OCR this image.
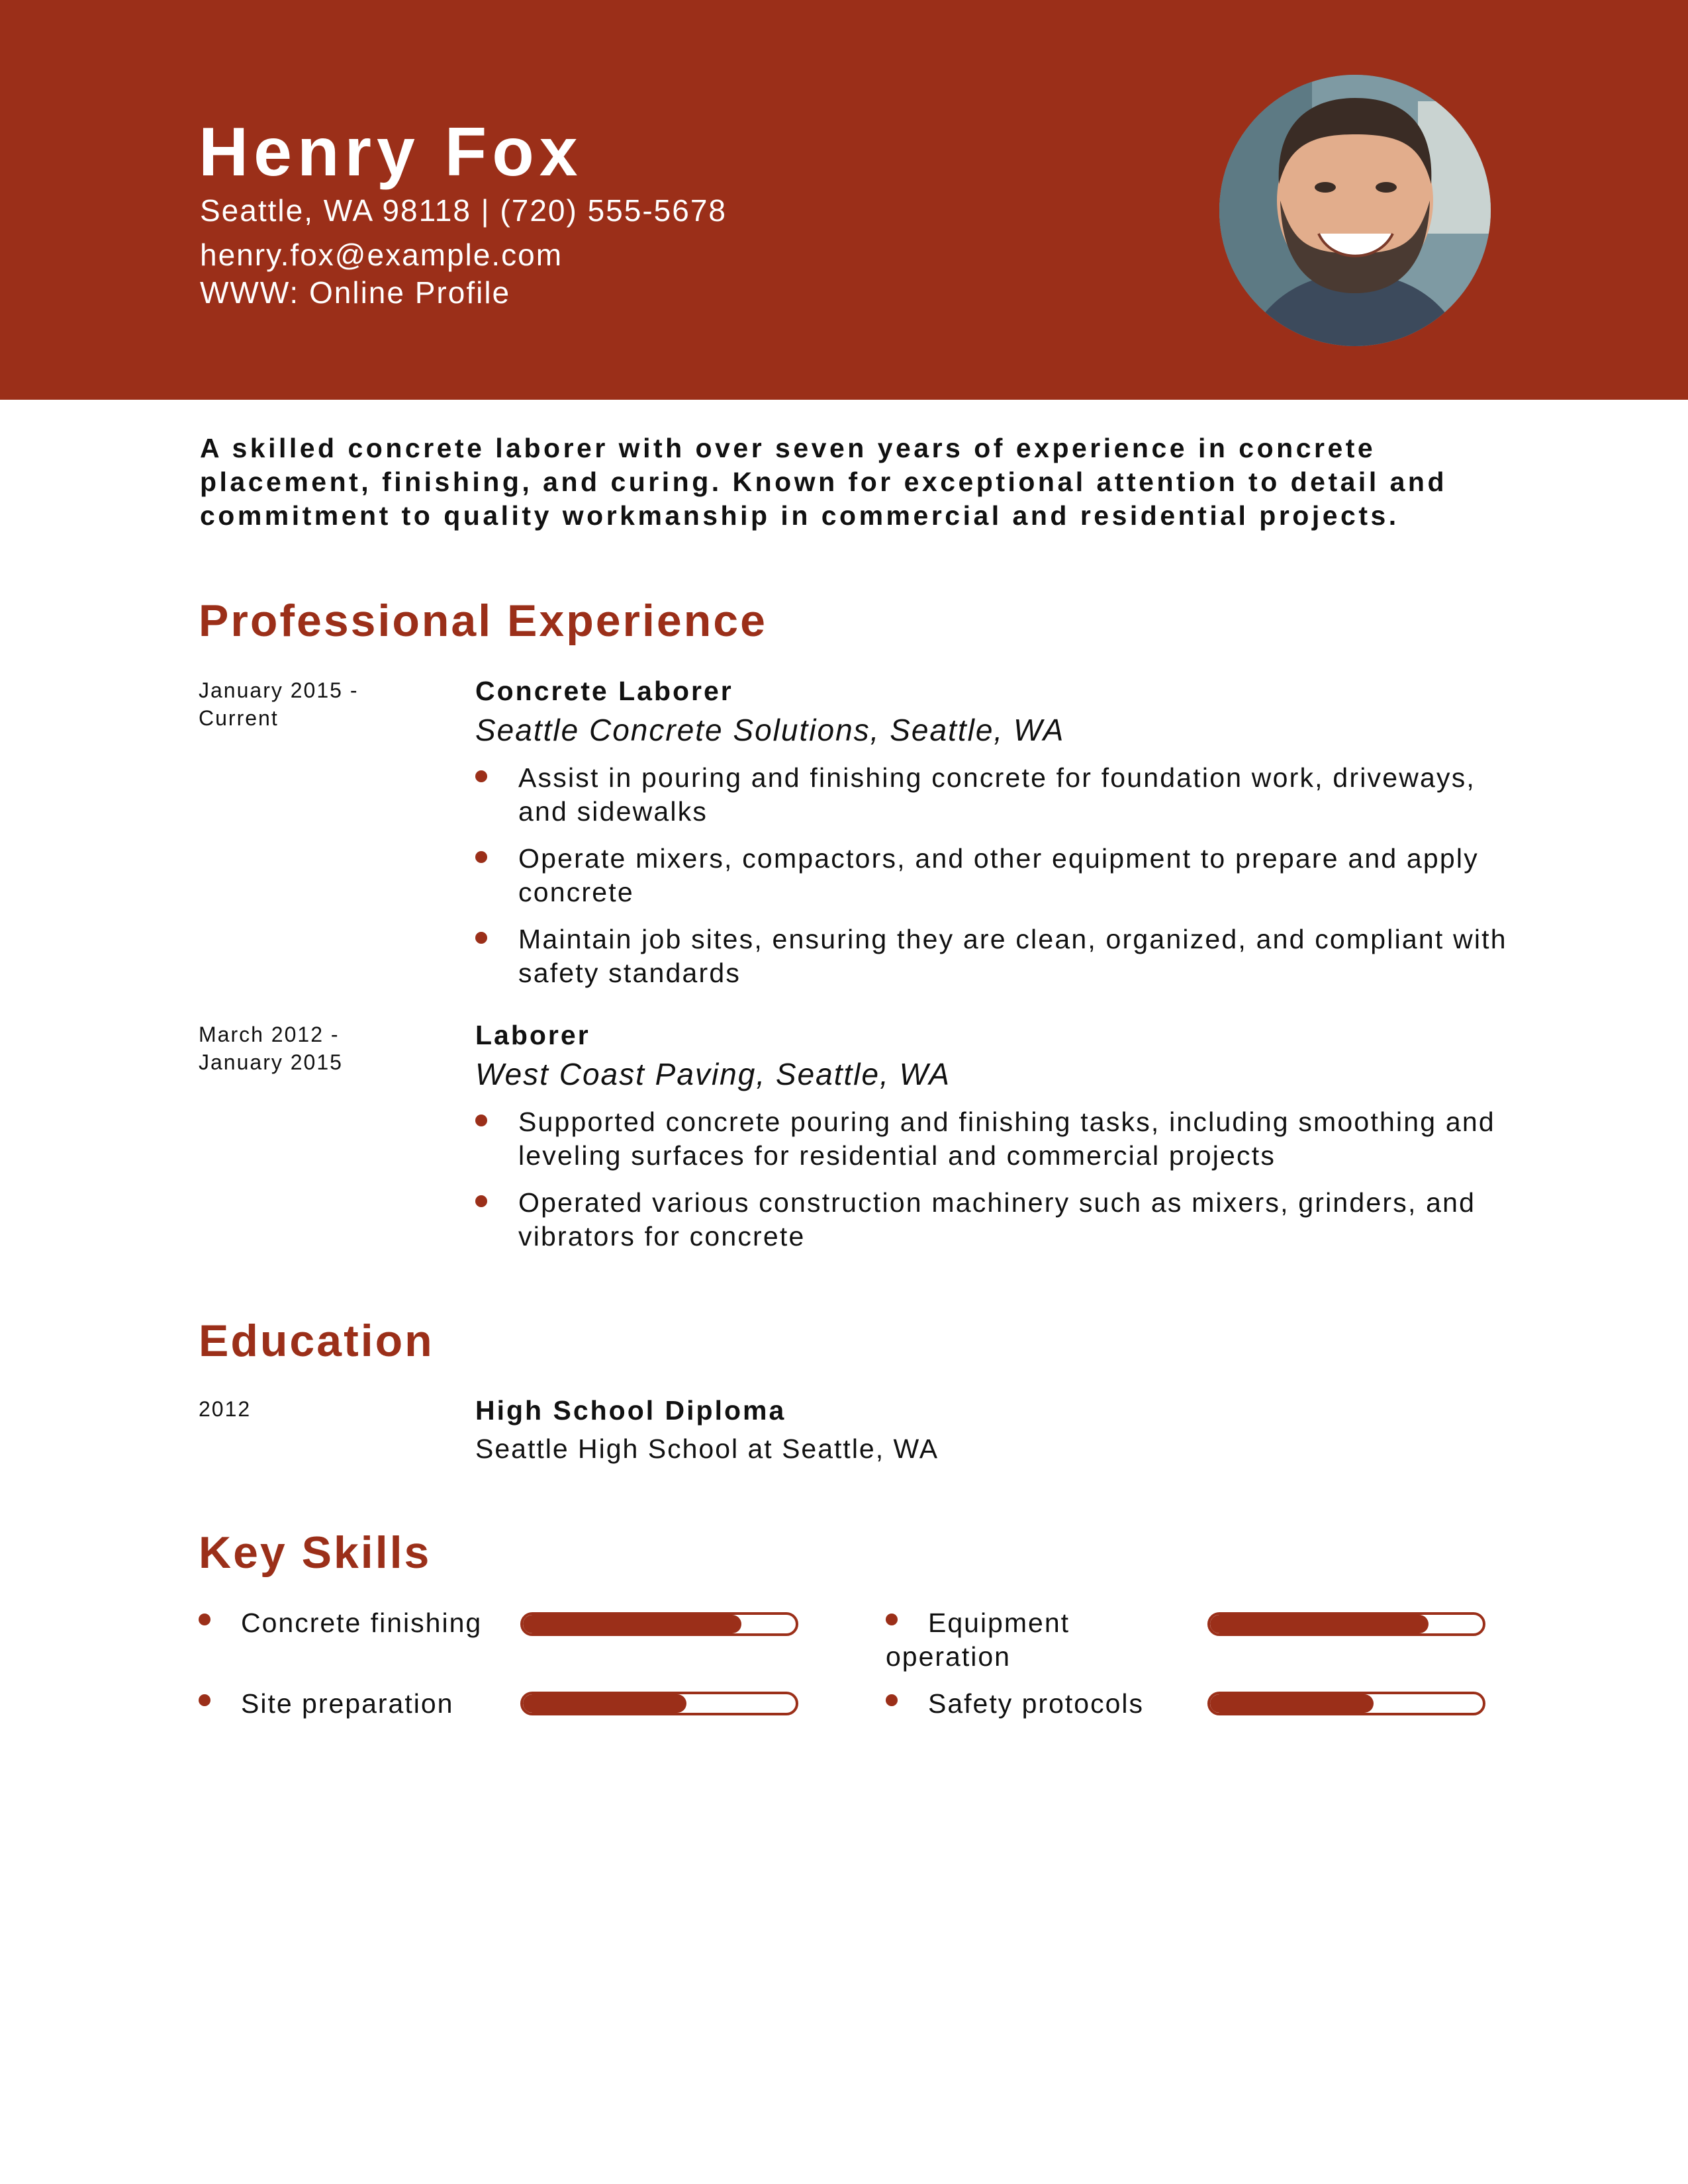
Henry Fox
Seattle, WA 98118 | (720) 555-5678
henry.fox@example.com
WWW: Online Profile
A skilled concrete laborer with over seven years of experience in concrete placement, finishing, and curing. Known for exceptional attention to detail and commitment to quality workmanship in commercial and residential projects.
Professional Experience
January 2015 -
Current
Concrete Laborer
Seattle Concrete Solutions, Seattle, WA
Assist in pouring and finishing concrete for foundation work, driveways, and sidewalks
Operate mixers, compactors, and other equipment to prepare and apply concrete
Maintain job sites, ensuring they are clean, organized, and compliant with safety standards
March 2012 -
January 2015
Laborer
West Coast Paving, Seattle, WA
Supported concrete pouring and finishing tasks, including smoothing and leveling surfaces for residential and commercial projects
Operated various construction machinery such as mixers, grinders, and vibrators for concrete
Education
2012	High School Diploma
Seattle High School at Seattle, WA
Key Skills
Concrete finishing	Equipment operation
Site preparation	Safety protocols
